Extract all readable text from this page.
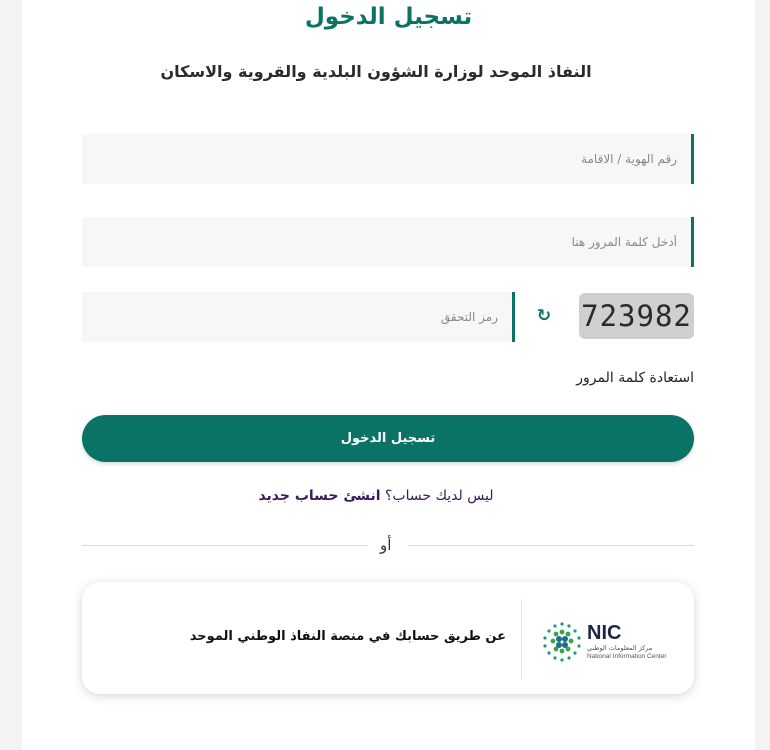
تسجيل الدخول
النفاذ الموحد لوزارة الشؤون البلدية والقروية والاسكان
رقم الهوية / الاقامة
رمز التحقق
↻ 723982
استعادة كلمة المرور
تسجيل الدخول
ليس لديك حساب؟ انشئ حساب جديد
أو
عن طريق حسابك في منصة النفاذ الوطني الموحد	NIC
مركز المعلومات الوطني
National Information Center
